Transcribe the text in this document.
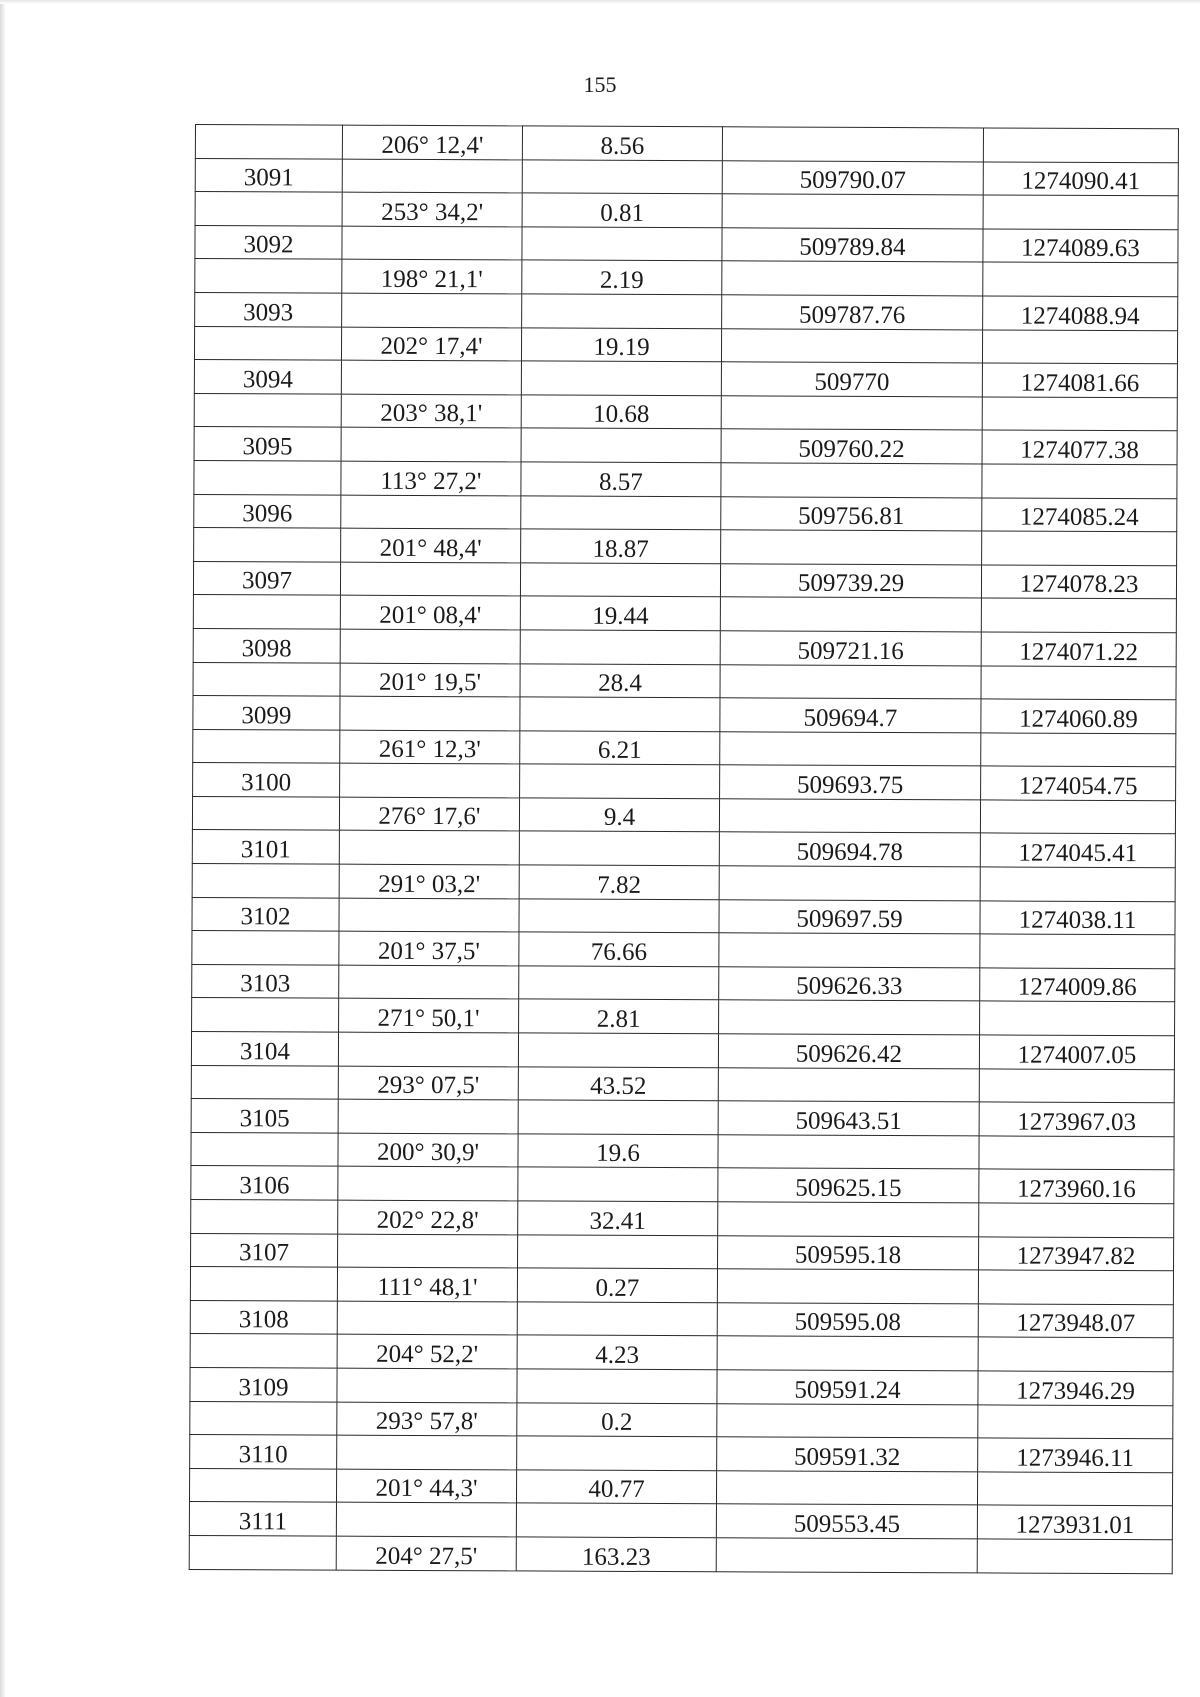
155
	206° 12,4'	8.56		
3091			509790.07	1274090.41
	253° 34,2'	0.81		
3092			509789.84	1274089.63
	198° 21,1'	2.19		
3093			509787.76	1274088.94
	202° 17,4'	19.19		
3094			509770	1274081.66
	203° 38,1'	10.68		
3095			509760.22	1274077.38
	113° 27,2'	8.57		
3096			509756.81	1274085.24
	201° 48,4'	18.87		
3097			509739.29	1274078.23
	201° 08,4'	19.44		
3098			509721.16	1274071.22
	201° 19,5'	28.4		
3099			509694.7	1274060.89
	261° 12,3'	6.21		
3100			509693.75	1274054.75
	276° 17,6'	9.4		
3101			509694.78	1274045.41
	291° 03,2'	7.82		
3102			509697.59	1274038.11
	201° 37,5'	76.66		
3103			509626.33	1274009.86
	271° 50,1'	2.81		
3104			509626.42	1274007.05
	293° 07,5'	43.52		
3105			509643.51	1273967.03
	200° 30,9'	19.6		
3106			509625.15	1273960.16
	202° 22,8'	32.41		
3107			509595.18	1273947.82
	111° 48,1'	0.27		
3108			509595.08	1273948.07
	204° 52,2'	4.23		
3109			509591.24	1273946.29
	293° 57,8'	0.2		
3110			509591.32	1273946.11
	201° 44,3'	40.77		
3111			509553.45	1273931.01
	204° 27,5'	163.23		
